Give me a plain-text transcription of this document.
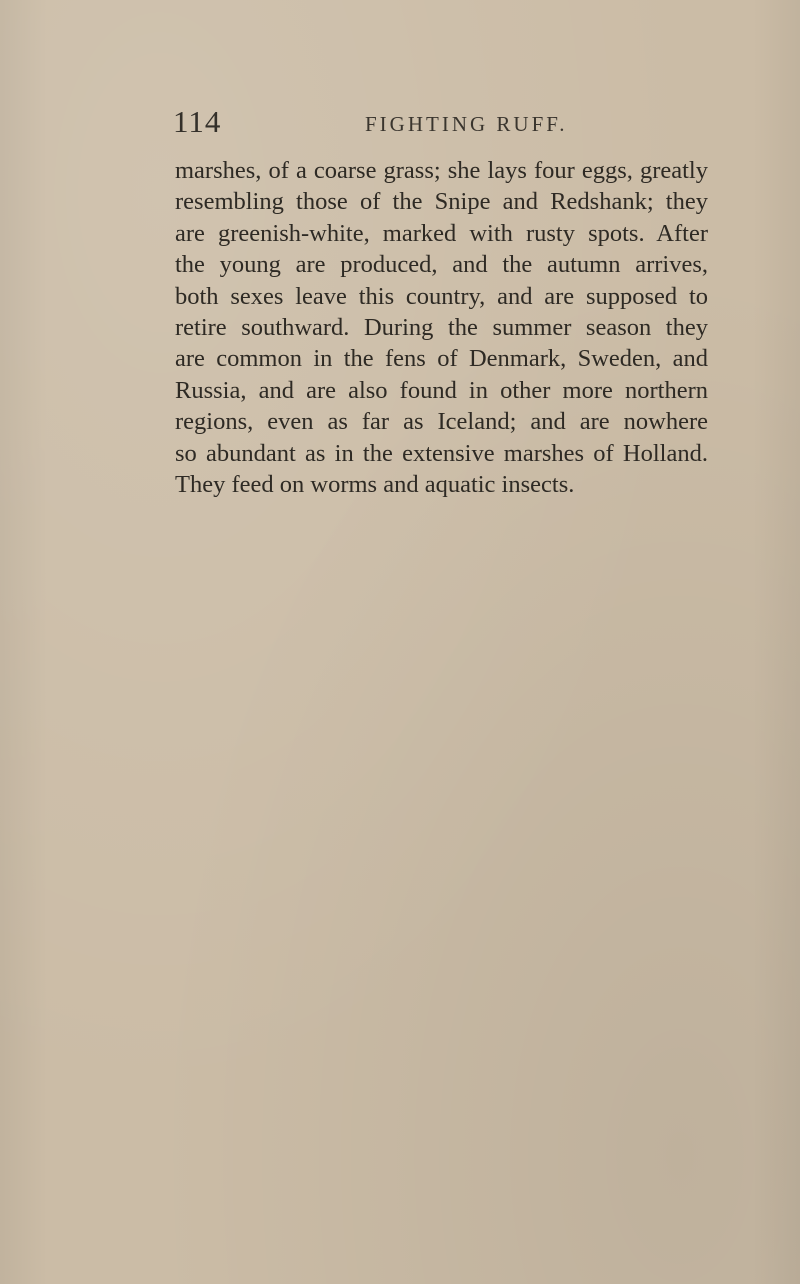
114	FIGHTING RUFF.

marshes, of a coarse grass; she lays four eggs, greatly
resembling those of the Snipe and Redshank; they
are greenish-white, marked with rusty spots. After
the young are produced, and the autumn arrives,
both sexes leave this country, and are supposed to
retire southward. During the summer season they
are common in the fens of Denmark, Sweden, and
Russia, and are also found in other more northern
regions, even as far as Iceland; and are nowhere
so abundant as in the extensive marshes of Holland.
They feed on worms and aquatic insects.
